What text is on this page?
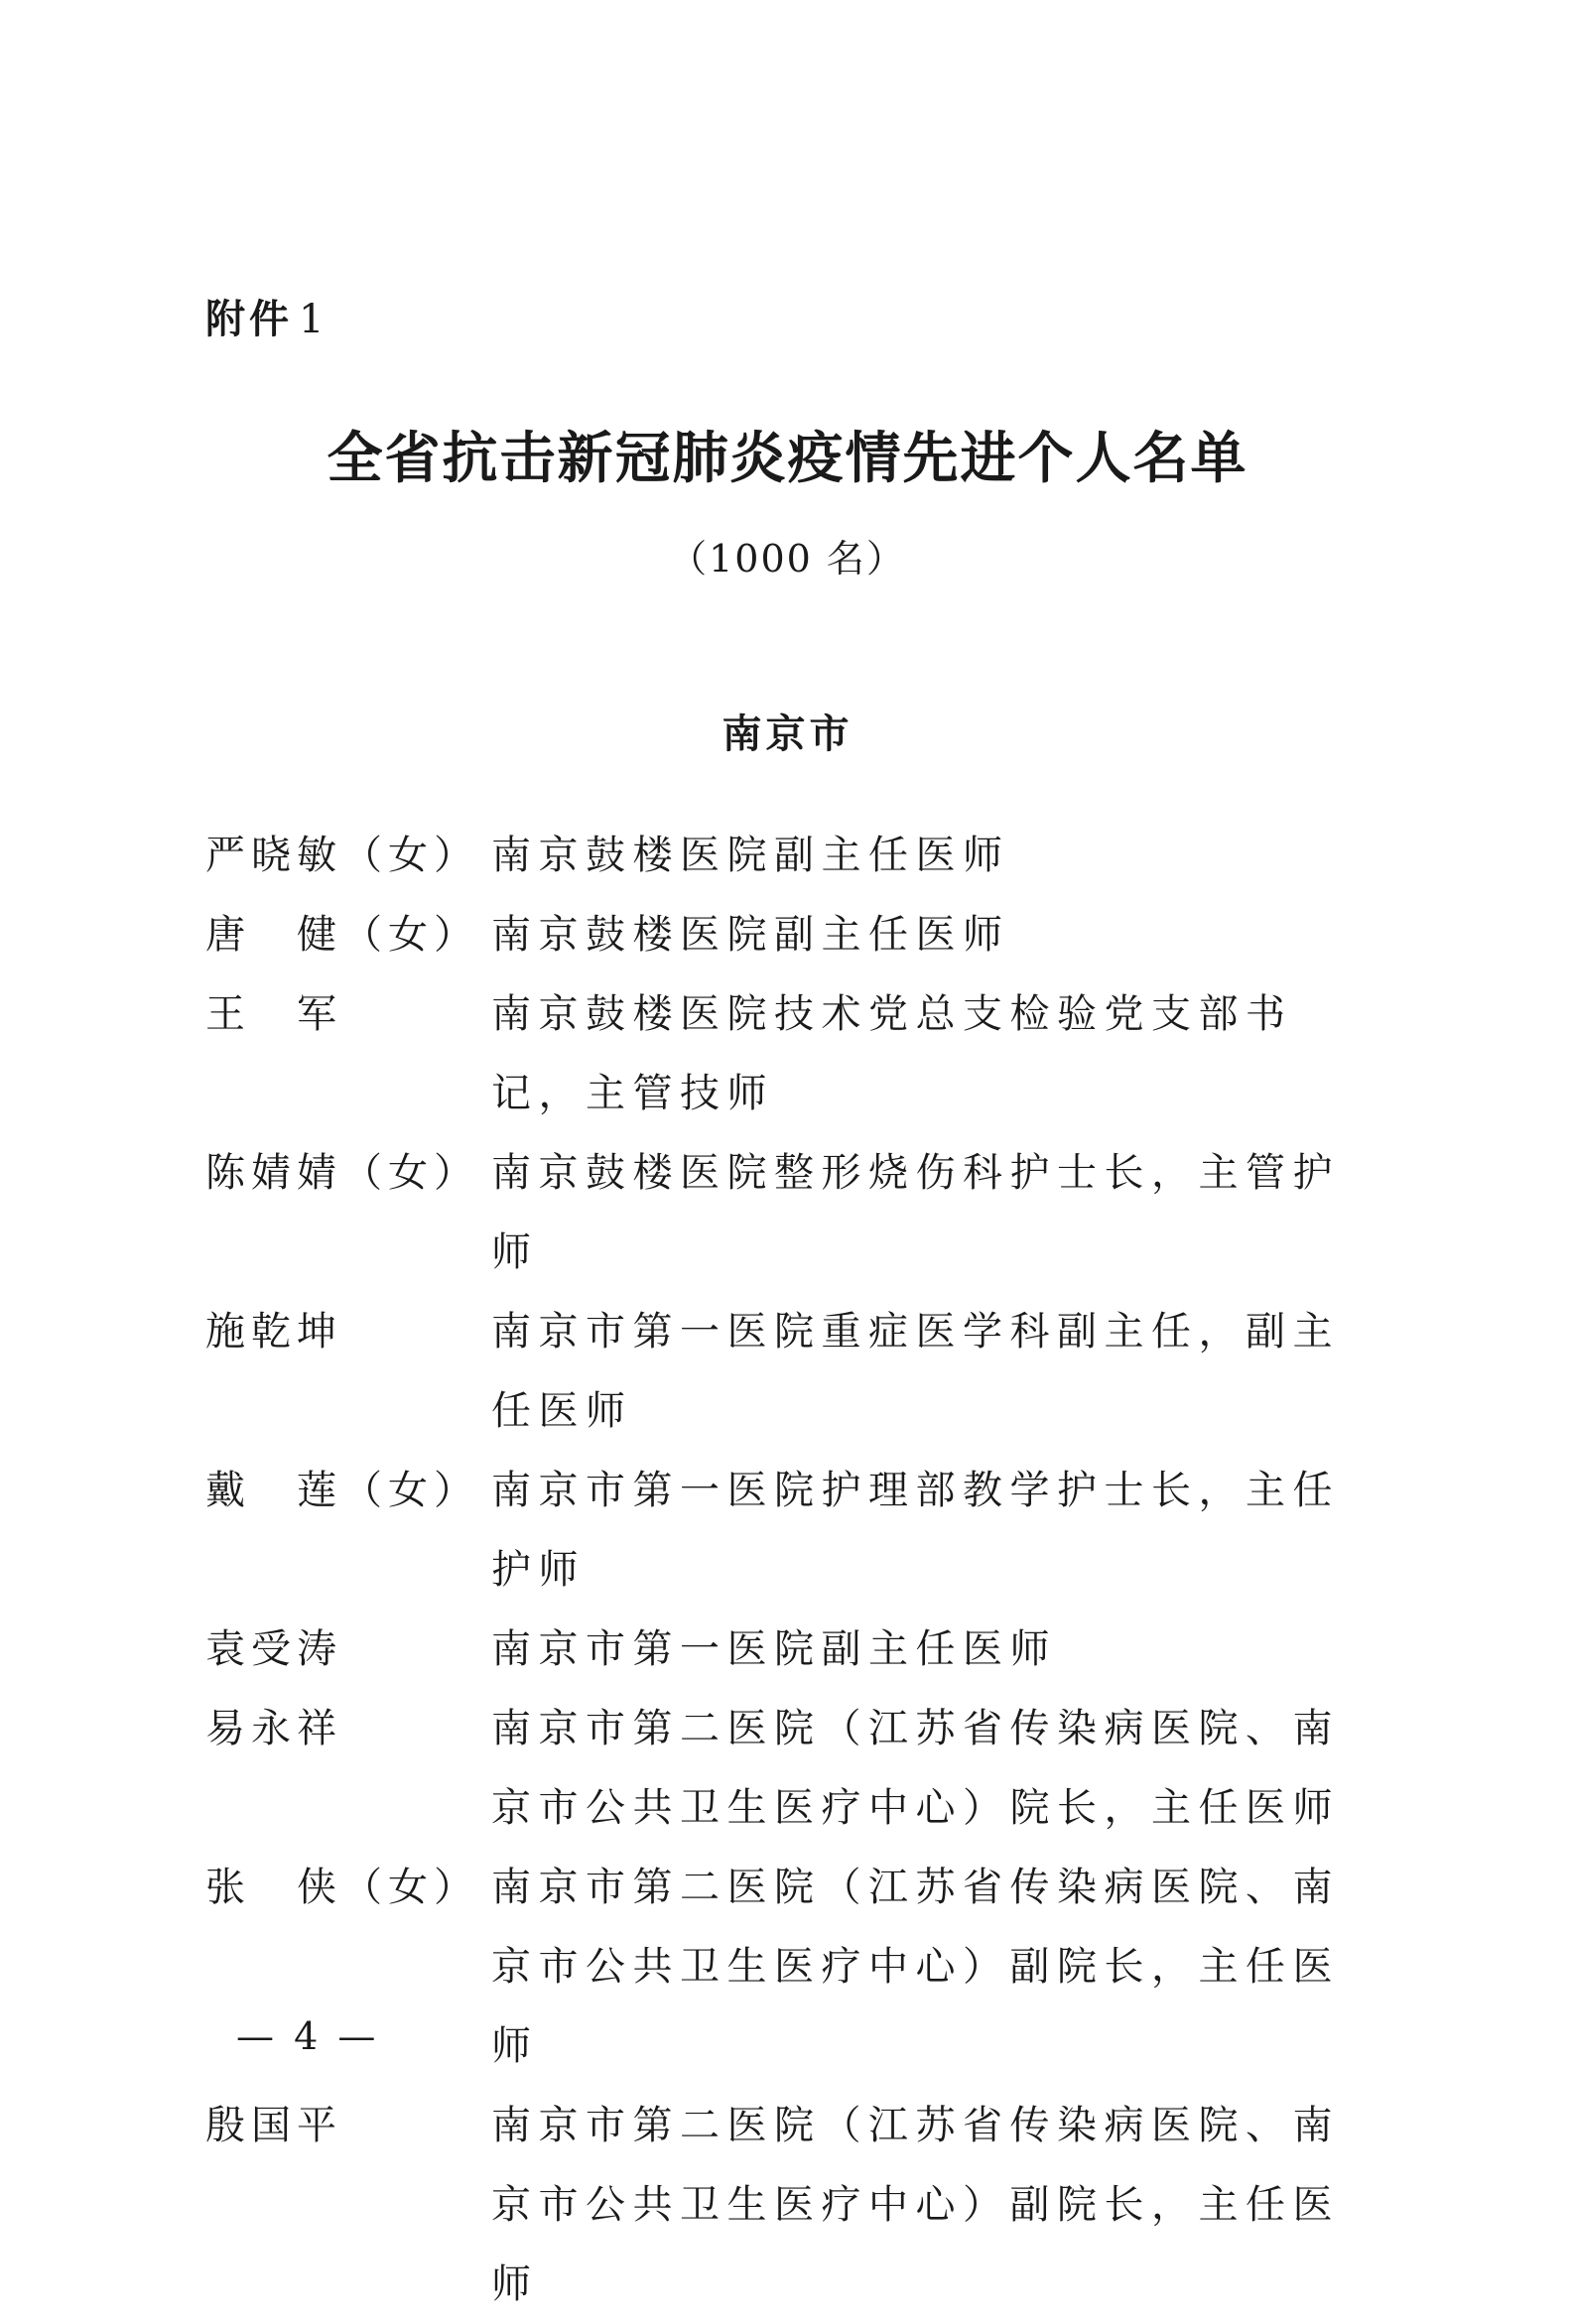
附件 1
全省抗击新冠肺炎疫情先进个人名单
（1000 名）
南京市
严晓敏（女） 南京鼓楼医院副主任医师
唐　健（女） 南京鼓楼医院副主任医师
王　军	南京鼓楼医院技术党总支检验党支部书记，主管技师
陈婧婧（女） 南京鼓楼医院整形烧伤科护士长，主管护师
施乾坤	南京市第一医院重症医学科副主任，副主任医师
戴　莲（女） 南京市第一医院护理部教学护士长，主任护师
袁受涛	南京市第一医院副主任医师
易永祥	南京市第二医院（江苏省传染病医院、南京市公共卫生医疗中心）院长，主任医师
张　侠（女） 南京市第二医院（江苏省传染病医院、南京市公共卫生医疗中心）副院长，主任医师
殷国平	南京市第二医院（江苏省传染病医院、南京市公共卫生医疗中心）副院长，主任医师
— 4 —
